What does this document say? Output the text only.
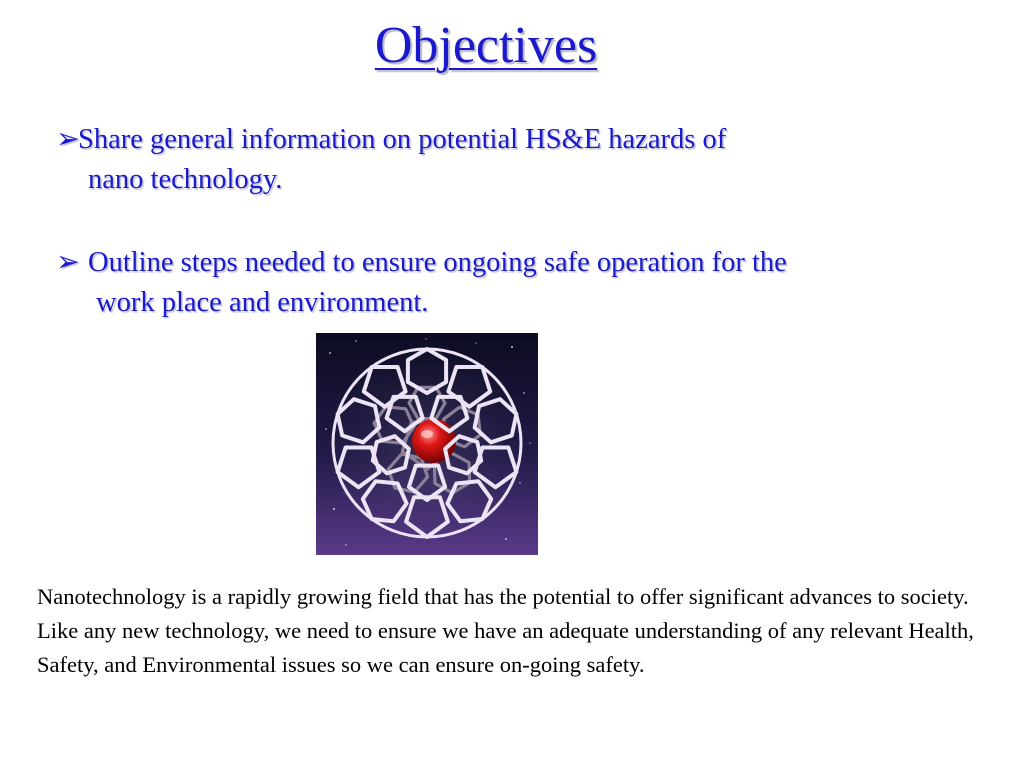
Objectives
➢Share general information on potential HS&E hazards of
nano technology.
➢ Outline steps needed to ensure ongoing safe operation for the
work place and environment.
Nanotechnology is a rapidly growing field that has the potential to offer significant advances to society. Like any new technology, we need to ensure we have an adequate understanding of any relevant Health, Safety, and Environmental issues so we can ensure on-going safety.
